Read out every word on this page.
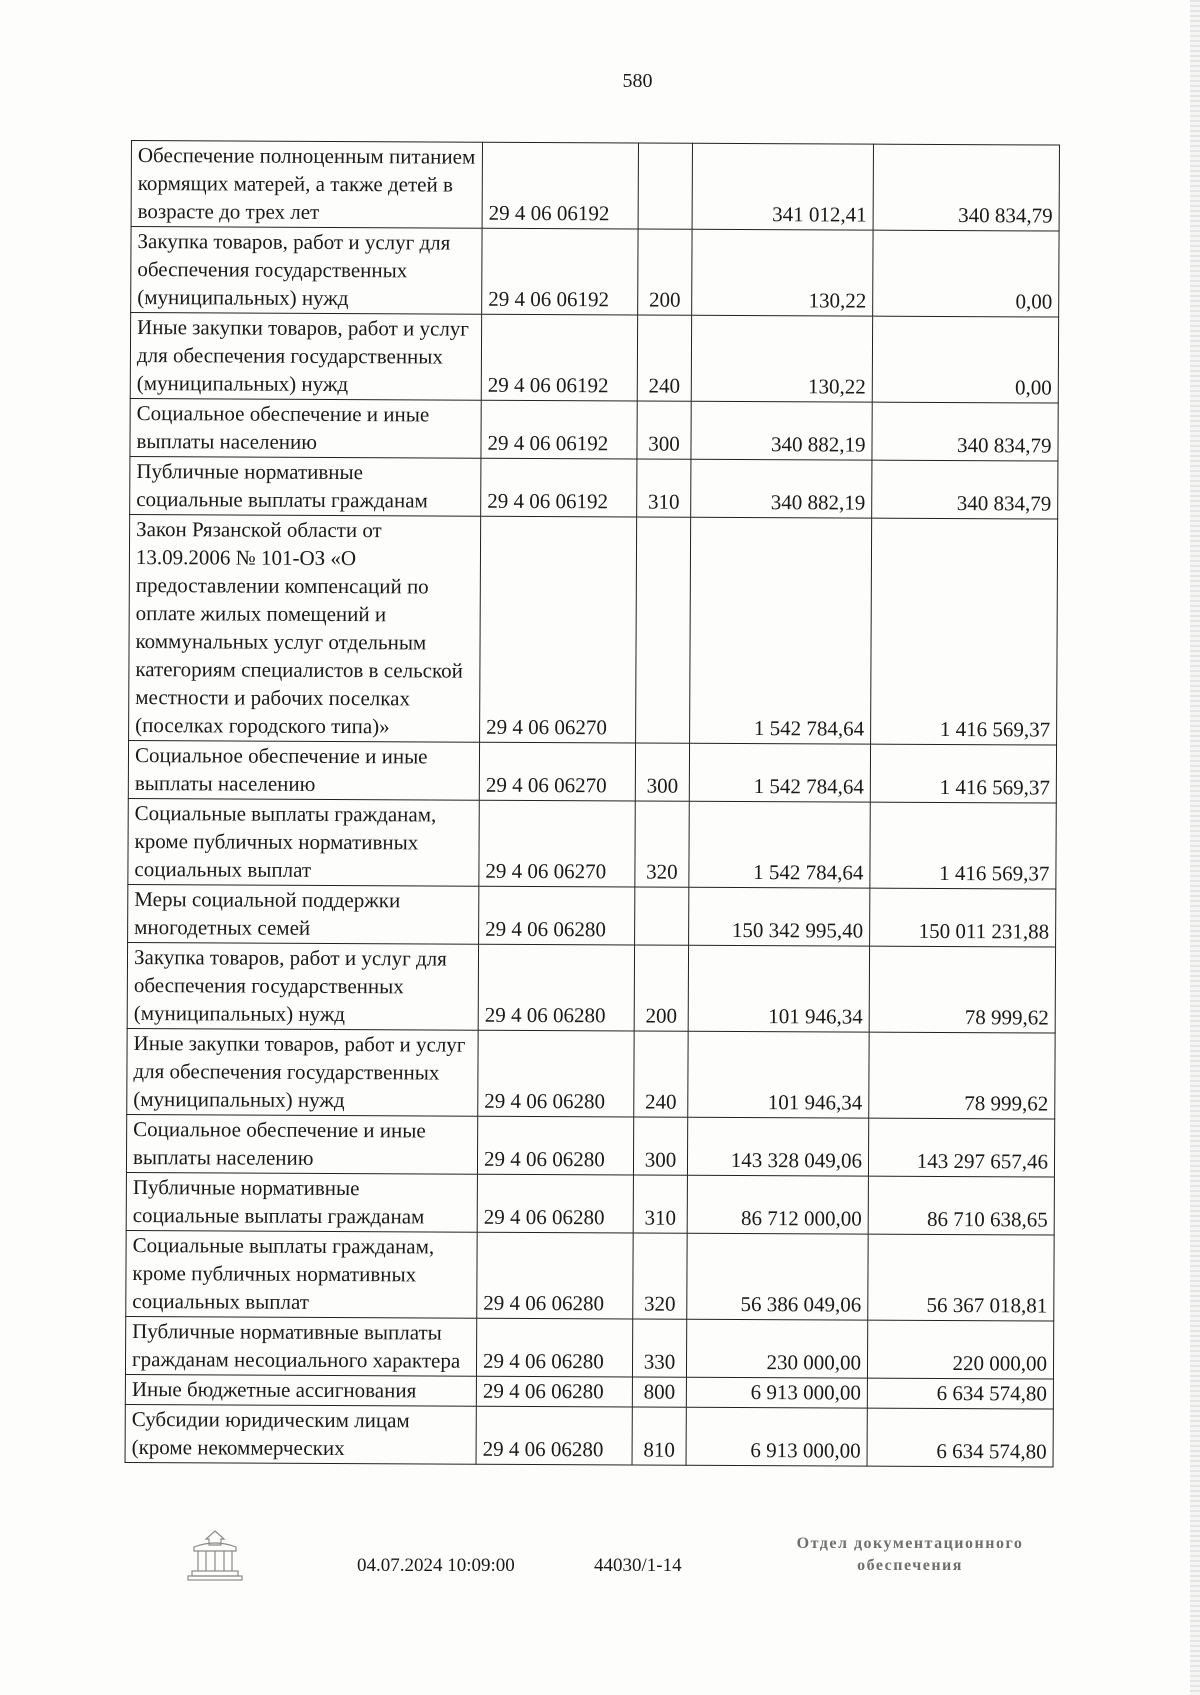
580
Обеспечение полноценным питанием кормящих матерей, а также детей в возрасте до трех лет	29 4 06 06192		341 012,41	340 834,79
Закупка товаров, работ и услуг для обеспечения государственных (муниципальных) нужд	29 4 06 06192	200	130,22	0,00
Иные закупки товаров, работ и услуг для обеспечения государственных (муниципальных) нужд	29 4 06 06192	240	130,22	0,00
Социальное обеспечение и иные выплаты населению	29 4 06 06192	300	340 882,19	340 834,79
Публичные нормативные социальные выплаты гражданам	29 4 06 06192	310	340 882,19	340 834,79
Закон Рязанской области от 13.09.2006 № 101-ОЗ «О предоставлении компенсаций по оплате жилых помещений и коммунальных услуг отдельным категориям специалистов в сельской местности и рабочих поселках (поселках городского типа)»	29 4 06 06270		1 542 784,64	1 416 569,37
Социальное обеспечение и иные выплаты населению	29 4 06 06270	300	1 542 784,64	1 416 569,37
Социальные выплаты гражданам, кроме публичных нормативных социальных выплат	29 4 06 06270	320	1 542 784,64	1 416 569,37
Меры социальной поддержки многодетных семей	29 4 06 06280		150 342 995,40	150 011 231,88
Закупка товаров, работ и услуг для обеспечения государственных (муниципальных) нужд	29 4 06 06280	200	101 946,34	78 999,62
Иные закупки товаров, работ и услуг для обеспечения государственных (муниципальных) нужд	29 4 06 06280	240	101 946,34	78 999,62
Социальное обеспечение и иные выплаты населению	29 4 06 06280	300	143 328 049,06	143 297 657,46
Публичные нормативные социальные выплаты гражданам	29 4 06 06280	310	86 712 000,00	86 710 638,65
Социальные выплаты гражданам, кроме публичных нормативных социальных выплат	29 4 06 06280	320	56 386 049,06	56 367 018,81
Публичные нормативные выплаты гражданам несоциального характера	29 4 06 06280	330	230 000,00	220 000,00
Иные бюджетные ассигнования	29 4 06 06280	800	6 913 000,00	6 634 574,80
Субсидии юридическим лицам (кроме некоммерческих	29 4 06 06280	810	6 913 000,00	6 634 574,80
04.07.2024 10:09:00	44030/1-14
Отдел документационного
обеспечения
